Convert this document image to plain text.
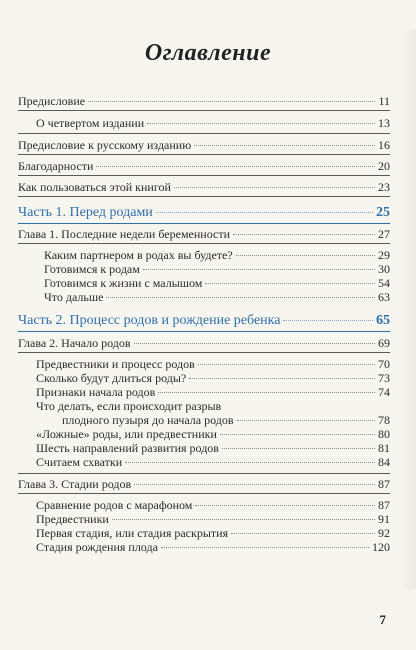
Оглавление
Предисловие	11
О четвертом издании	13
Предисловие к русскому изданию	16
Благодарности	20
Как пользоваться этой книгой	23
Часть 1. Перед родами	25
Глава 1. Последние недели беременности	27
Каким партнером в родах вы будете?	29
Готовимся к родам	30
Готовимся к жизни с малышом	54
Что дальше	63
Часть 2. Процесс родов и рождение ребенка	65
Глава 2. Начало родов	69
Предвестники и процесс родов	70
Сколько будут длиться роды?	73
Признаки начала родов	74
Что делать, если происходит разрыв
плодного пузыря до начала родов	78
«Ложные» роды, или предвестники	80
Шесть направлений развития родов	81
Считаем схватки	84
Глава 3. Стадии родов	87
Сравнение родов с марафоном	87
Предвестники	91
Первая стадия, или стадия раскрытия	92
Стадия рождения плода	120
7
